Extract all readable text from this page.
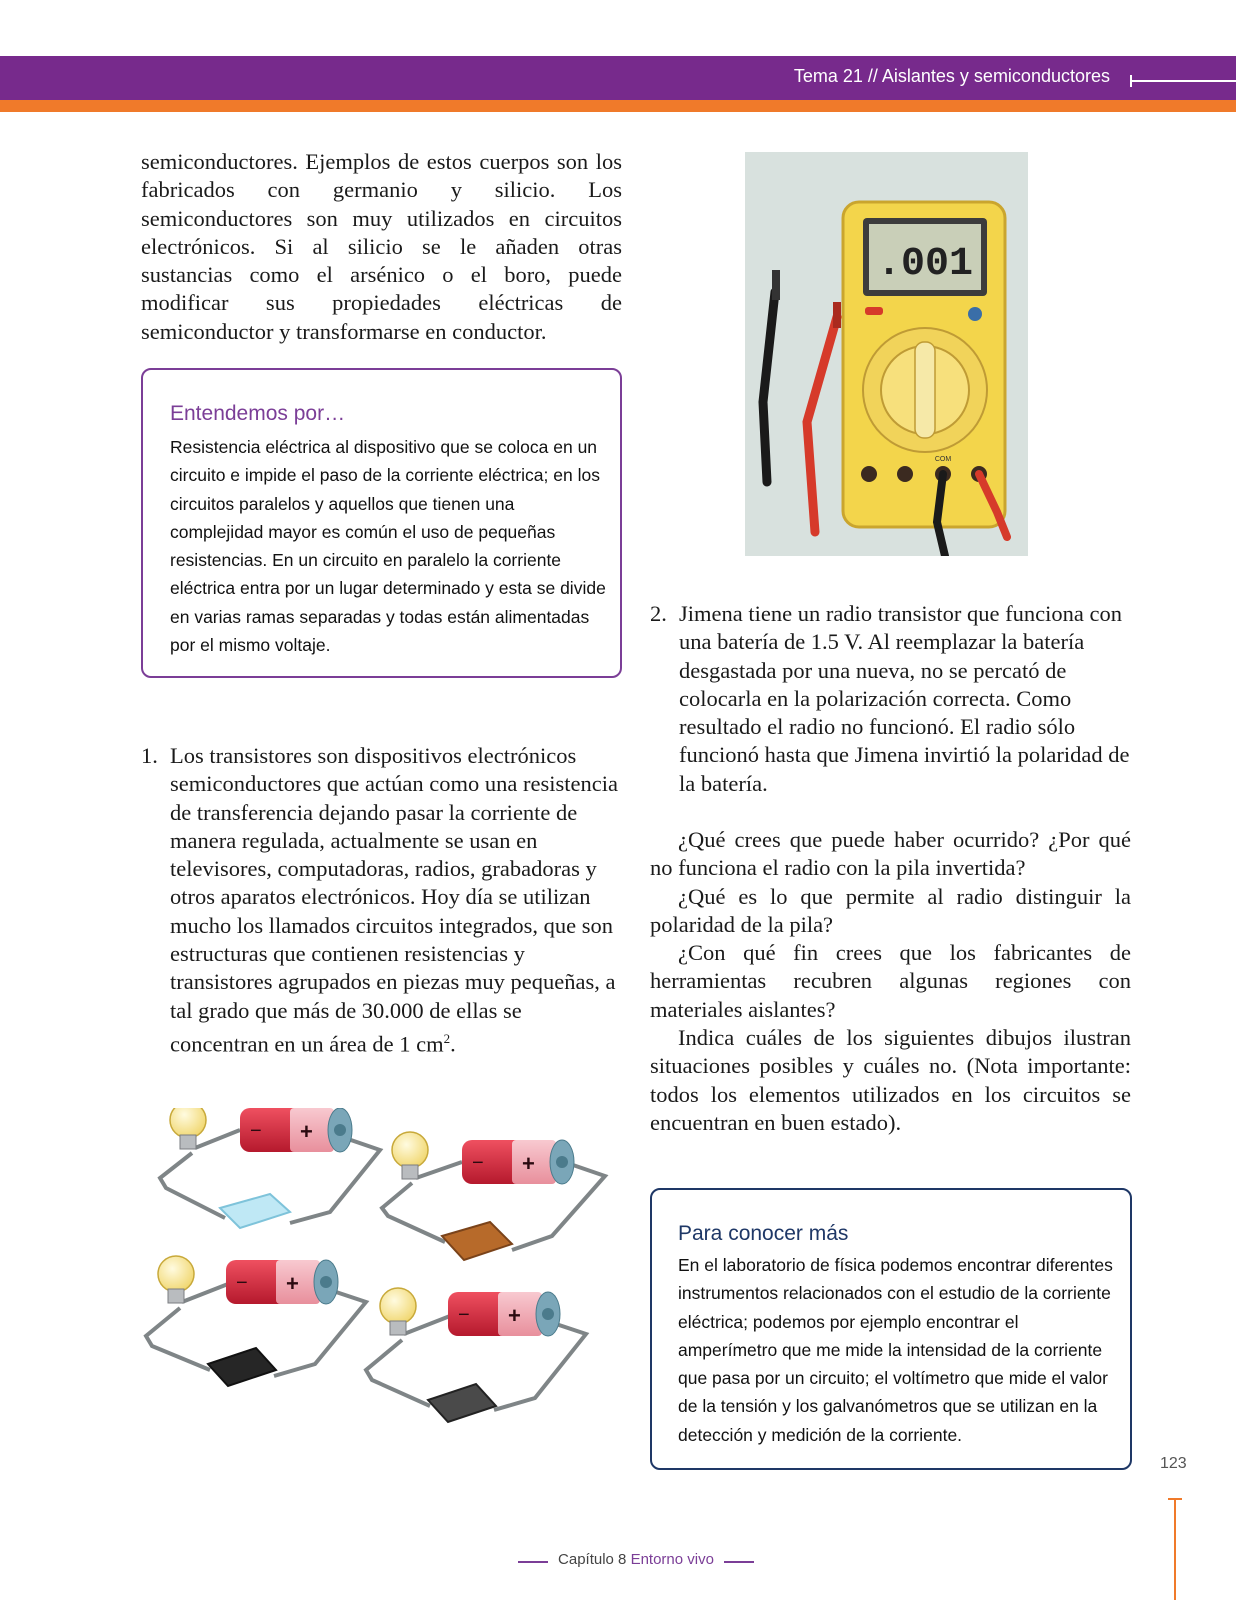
Tema 21 // Aislantes y semiconductores
semiconductores. Ejemplos de estos cuerpos son los fabricados con germanio y silicio. Los semiconductores son muy utilizados en circuitos electrónicos. Si al silicio se le añaden otras sustancias como el arsénico o el boro, puede modificar sus propiedades eléctricas de semiconductor y transformarse en conductor.
Entendemos por…
Resistencia eléctrica al dispositivo que se coloca en un circuito e impide el paso de la corriente eléctrica; en los circuitos paralelos y aquellos que tienen una complejidad mayor es común el uso de pequeñas resistencias. En un circuito en paralelo la corriente eléctrica entra por un lugar determinado y esta se divide en varias ramas separadas y todas están alimentadas por el mismo voltaje.
1. Los transistores son dispositivos electrónicos semiconductores que actúan como una resistencia de transferencia dejando pasar la corriente de manera regulada, actualmente se usan en televisores, computadoras, radios, grabadoras y otros aparatos electrónicos. Hoy día se utilizan mucho los llamados circuitos integrados, que son estructuras que contienen resistencias y transistores agrupados en piezas muy pequeñas, a tal grado que más de 30.000 de ellas se concentran en un área de 1 $cm^2$.
.001
COM
2. Jimena tiene un radio transistor que funciona con una batería de 1.5 V. Al reemplazar la batería desgastada por una nueva, no se percató de colocarla en la polarización correcta. Como resultado el radio no funcionó. El radio sólo funcionó hasta que Jimena invirtió la polaridad de la batería.

¿Qué crees que puede haber ocurrido? ¿Por qué no funciona el radio con la pila invertida?

¿Qué es lo que permite al radio distinguir la polaridad de la pila?

¿Con qué fin crees que los fabricantes de herramientas recubren algunas regiones con materiales aislantes?

Indica cuáles de los siguientes dibujos ilustran situaciones posibles y cuáles no. (Nota importante: todos los elementos utilizados en los circuitos se encuentran en buen estado).

− +
− +
− +
− +
Para conocer más
En el laboratorio de física podemos encontrar diferentes instrumentos relacionados con el estudio de la corriente eléctrica; podemos por ejemplo encontrar el amperímetro que me mide la intensidad de la corriente que pasa por un circuito; el voltímetro que mide el valor de la tensión y los galvanómetros que se utilizan en la detección y medición de la corriente.
123
Capítulo 8 Entorno vivo
